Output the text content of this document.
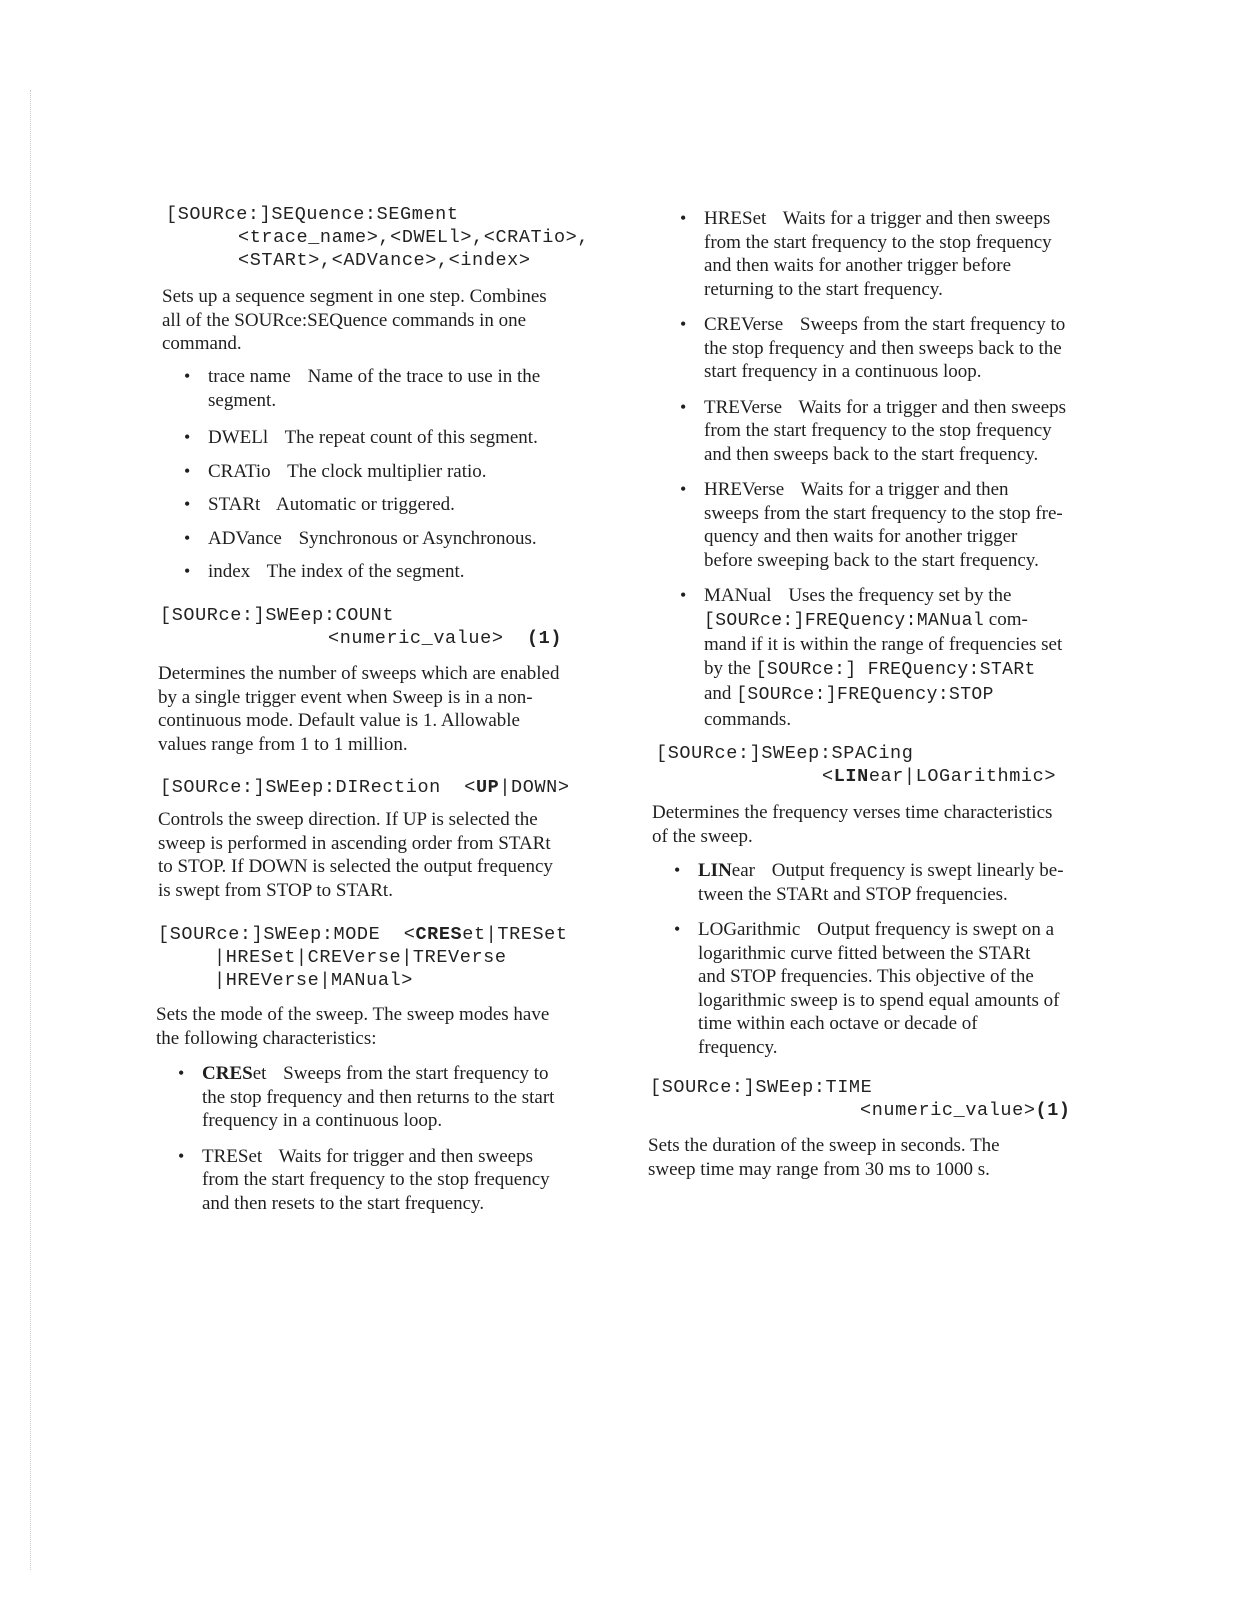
[SOURce:]SEQuence:SEGment

<trace_name>,<DWELl>,<CRATio>,
<STARt>,<ADVance>,<index>
Sets up a sequence segment in one step. Combines
all of the SOURce:SEQuence commands in one
command.
• trace name Name of the trace to use in the
segment.
• DWELl The repeat count of this segment.
• CRATio The clock multiplier ratio.
• STARt Automatic or triggered.
• ADVance Synchronous or Asynchronous.
• index The index of the segment.
[SOURce:]SWEep:COUNt

<numeric_value> (1)
Determines the number of sweeps which are enabled
by a single trigger event when Sweep is in a non-
continuous mode. Default value is 1. Allowable
values range from 1 to 1 million.
[SOURce:]SWEep:DIRection  <UP|DOWN>
Controls the sweep direction. If UP is selected the
sweep is performed in ascending order from STARt
to STOP. If DOWN is selected the output frequency
is swept from STOP to STARt.
[SOURce:]SWEep:MODE  <CRESet|TRESet

|HRESet|CREVerse|TREVerse
|HREVerse|MANual>
Sets the mode of the sweep. The sweep modes have
the following characteristics:
• CRESet Sweeps from the start frequency to
the stop frequency and then returns to the start
frequency in a continuous loop.
• TRESet Waits for trigger and then sweeps
from the start frequency to the stop frequency
and then resets to the start frequency.
• HRESet Waits for a trigger and then sweeps
from the start frequency to the stop frequency
and then waits for another trigger before
returning to the start frequency.
• CREVerse Sweeps from the start frequency to
the stop frequency and then sweeps back to the
start frequency in a continuous loop.
• TREVerse Waits for a trigger and then sweeps
from the start frequency to the stop frequency
and then sweeps back to the start frequency.
• HREVerse Waits for a trigger and then
sweeps from the start frequency to the stop fre-
quency and then waits for another trigger
before sweeping back to the start frequency.
• MANual Uses the frequency set by the
[SOURce:]FREQuency:MANual com-
mand if it is within the range of frequencies set
by the [SOURce:] FREQuency:STARt
and [SOURce:]FREQuency:STOP
commands.
[SOURce:]SWEep:SPACing

<LINear|LOGarithmic>
Determines the frequency verses time characteristics
of the sweep.
• LINear Output frequency is swept linearly be-
tween the STARt and STOP frequencies.
• LOGarithmic Output frequency is swept on a
logarithmic curve fitted between the STARt
and STOP frequencies. This objective of the
logarithmic sweep is to spend equal amounts of
time within each octave or decade of
frequency.
[SOURce:]SWEep:TIME

<numeric_value>(1)
Sets the duration of the sweep in seconds. The
sweep time may range from 30 ms to 1000 s.
